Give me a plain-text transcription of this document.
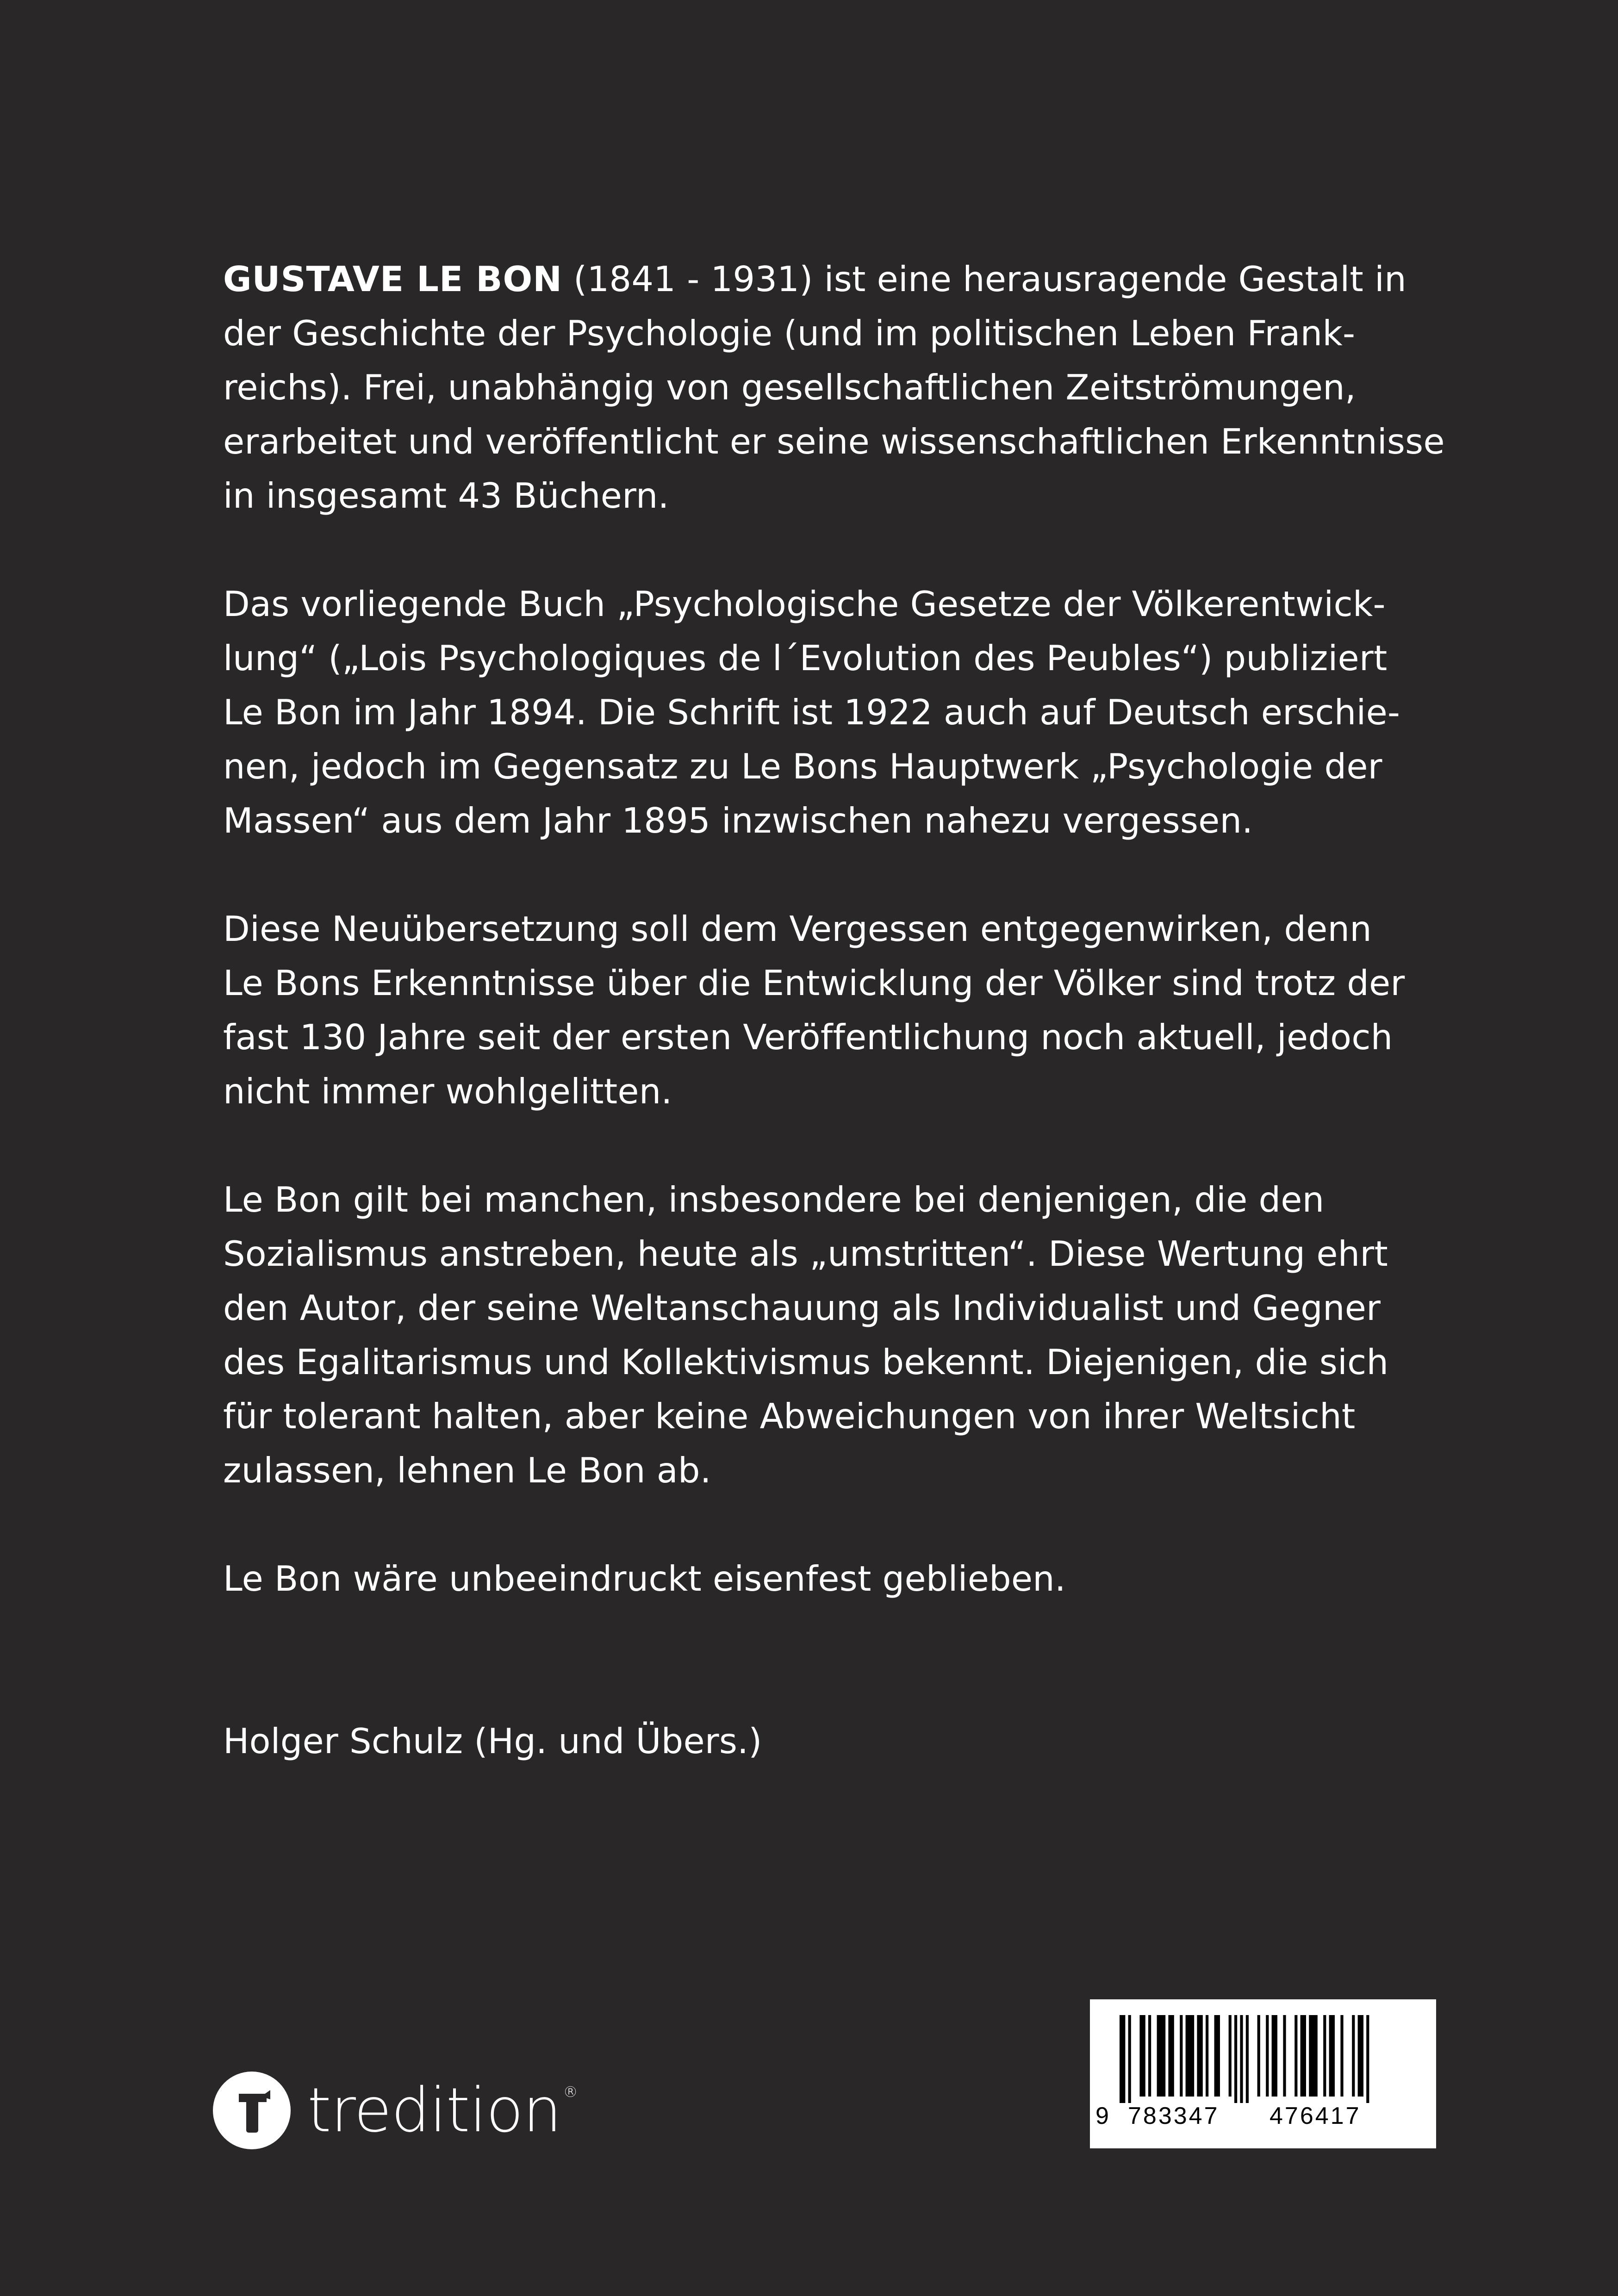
GUSTAVE LE BON (1841 - 1931) ist eine herausragende Gestalt in
der Geschichte der Psychologie (und im politischen Leben Frank-
reichs). Frei, unabhängig von gesellschaftlichen Zeitströmungen,
erarbeitet und veröffentlicht er seine wissenschaftlichen Erkenntnisse
in insgesamt 43 Büchern.

Das vorliegende Buch „Psychologische Gesetze der Völkerentwick-
lung“ („Lois Psychologiques de l´Evolution des Peubles“) publiziert
Le Bon im Jahr 1894. Die Schrift ist 1922 auch auf Deutsch erschie-
nen, jedoch im Gegensatz zu Le Bons Hauptwerk „Psychologie der
Massen“ aus dem Jahr 1895 inzwischen nahezu vergessen.

Diese Neuübersetzung soll dem Vergessen entgegenwirken, denn
Le Bons Erkenntnisse über die Entwicklung der Völker sind trotz der
fast 130 Jahre seit der ersten Veröffentlichung noch aktuell, jedoch
nicht immer wohlgelitten.

Le Bon gilt bei manchen, insbesondere bei denjenigen, die den
Sozialismus anstreben, heute als „umstritten“. Diese Wertung ehrt
den Autor, der seine Weltanschauung als Individualist und Gegner
des Egalitarismus und Kollektivismus bekennt. Diejenigen, die sich
für tolerant halten, aber keine Abweichungen von ihrer Weltsicht
zulassen, lehnen Le Bon ab.

Le Bon wäre unbeeindruckt eisenfest geblieben.

Holger Schulz (Hg. und Übers.)

tredition ®
9 783347 476417
